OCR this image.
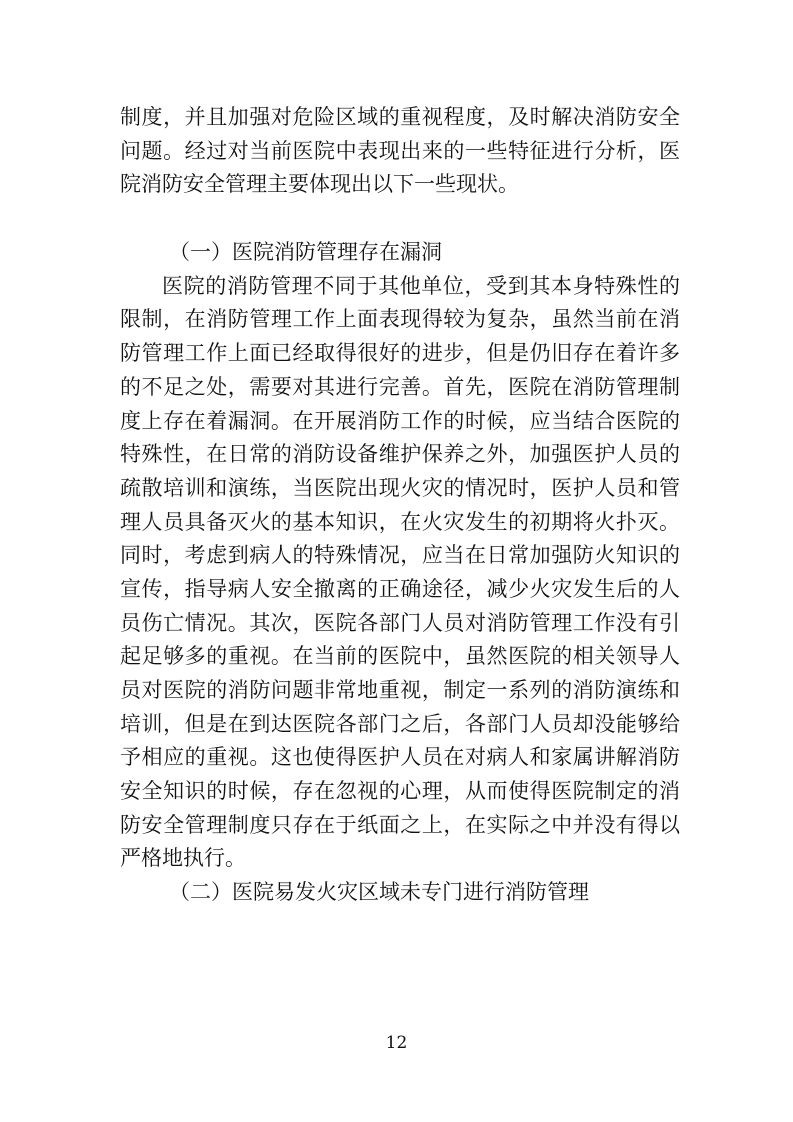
制度，并且加强对危险区域的重视程度，及时解决消防安全
问题。经过对当前医院中表现出来的一些特征进行分析，医
院消防安全管理主要体现出以下一些现状。
（一）医院消防管理存在漏洞
医院的消防管理不同于其他单位，受到其本身特殊性的
限制，在消防管理工作上面表现得较为复杂，虽然当前在消
防管理工作上面已经取得很好的进步，但是仍旧存在着许多
的不足之处，需要对其进行完善。首先，医院在消防管理制
度上存在着漏洞。在开展消防工作的时候，应当结合医院的
特殊性，在日常的消防设备维护保养之外，加强医护人员的
疏散培训和演练，当医院出现火灾的情况时，医护人员和管
理人员具备灭火的基本知识，在火灾发生的初期将火扑灭。
同时，考虑到病人的特殊情况，应当在日常加强防火知识的
宣传，指导病人安全撤离的正确途径，减少火灾发生后的人
员伤亡情况。其次，医院各部门人员对消防管理工作没有引
起足够多的重视。在当前的医院中，虽然医院的相关领导人
员对医院的消防问题非常地重视，制定一系列的消防演练和
培训，但是在到达医院各部门之后，各部门人员却没能够给
予相应的重视。这也使得医护人员在对病人和家属讲解消防
安全知识的时候，存在忽视的心理，从而使得医院制定的消
防安全管理制度只存在于纸面之上，在实际之中并没有得以
严格地执行。
（二）医院易发火灾区域未专门进行消防管理
12
